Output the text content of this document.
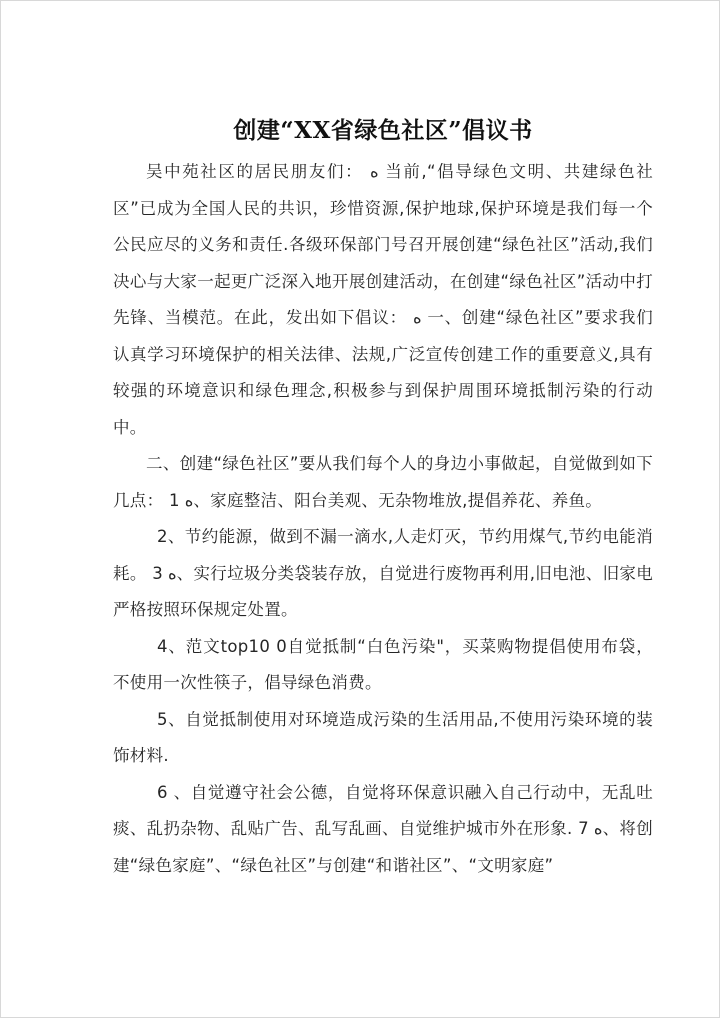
创建“XX省绿色社区”倡议书

吴中苑社区的居民朋友们： ﻩ 当前,“倡导绿色文明、共建绿色社区”已成为全国人民的共识，珍惜资源,保护地球,保护环境是我们每一个公民应尽的义务和责任.各级环保部门号召开展创建“绿色社区”活动,我们决心与大家一起更广泛深入地开展创建活动，在创建“绿色社区”活动中打先锋、当模范。在此，发出如下倡议： ﻩ 一、创建“绿色社区”要求我们认真学习环境保护的相关法律、法规,广泛宣传创建工作的重要意义,具有较强的环境意识和绿色理念,积极参与到保护周围环境抵制污染的行动中。

二、创建“绿色社区”要从我们每个人的身边小事做起，自觉做到如下几点： ﻩ 1、家庭整洁、阳台美观、无杂物堆放,提倡养花、养鱼。

2、节约能源，做到不漏一滴水,人走灯灭，节约用煤气,节约电能消耗。 ﻩ 3、实行垃圾分类袋装存放，自觉进行废物再利用,旧电池、旧家电严格按照环保规定处置。

4、范文top10 0自觉抵制“白色污染"，买菜购物提倡使用布袋，不使用一次性筷子，倡导绿色消费。

5、自觉抵制使用对环境造成污染的生活用品,不使用污染环境的装饰材料.

6 、自觉遵守社会公德，自觉将环保意识融入自己行动中，无乱吐痰、乱扔杂物、乱贴广告、乱写乱画、自觉维护城市外在形象. ﻩ 7、将创建“绿色家庭”、“绿色社区”与创建“和谐社区”、“文明家庭”
